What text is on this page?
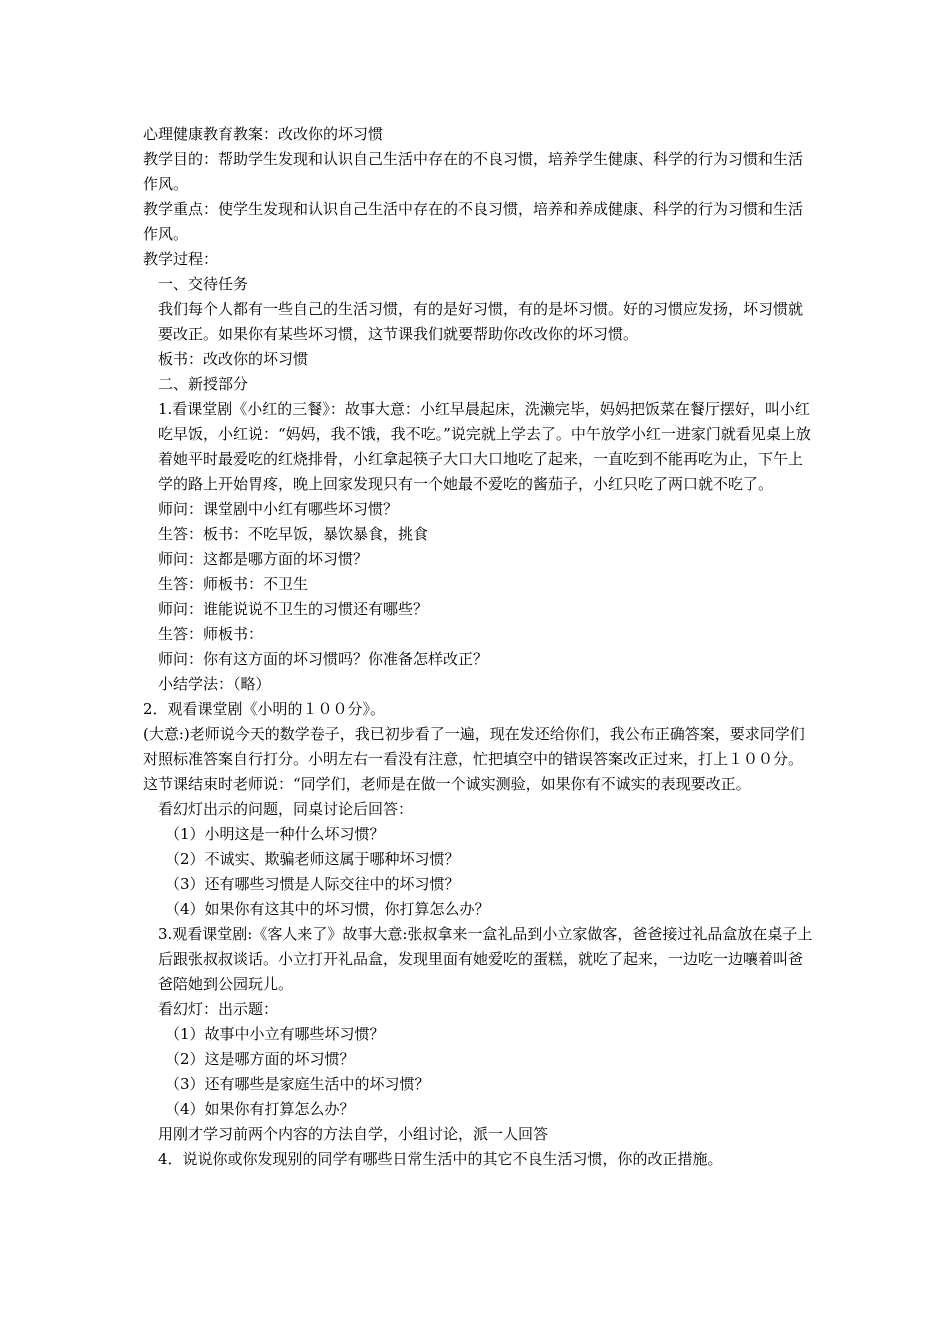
心理健康教育教案：改改你的坏习惯

教学目的：帮助学生发现和认识自己生活中存在的不良习惯，培养学生健康、科学的行为习惯和生活作风。

教学重点：使学生发现和认识自己生活中存在的不良习惯，培养和养成健康、科学的行为习惯和生活作风。

教学过程：

一、交待任务

我们每个人都有一些自己的生活习惯，有的是好习惯，有的是坏习惯。好的习惯应发扬，坏习惯就要改正。如果你有某些坏习惯，这节课我们就要帮助你改改你的坏习惯。

板书：改改你的坏习惯

二、新授部分

1.看课堂剧《小红的三餐》：故事大意：小红早晨起床，洗濑完毕，妈妈把饭菜在餐厅摆好，叫小红吃早饭，小红说：“妈妈，我不饿，我不吃。”说完就上学去了。中午放学小红一进家门就看见桌上放着她平时最爱吃的红烧排骨，小红拿起筷子大口大口地吃了起来，一直吃到不能再吃为止，下午上学的路上开始胃疼，晚上回家发现只有一个她最不爱吃的酱茄子，小红只吃了两口就不吃了。

师问：课堂剧中小红有哪些坏习惯？

生答：板书：不吃早饭，暴饮暴食，挑食

师问：这都是哪方面的坏习惯？

生答：师板书：不卫生

师问：谁能说说不卫生的习惯还有哪些？

生答：师板书：

师问：你有这方面的坏习惯吗？你准备怎样改正？

小结学法：（略）

2．观看课堂剧《小明的１００分》。

(大意:)老师说今天的数学卷子，我已初步看了一遍，现在发还给你们，我公布正确答案，要求同学们对照标准答案自行打分。小明左右一看没有注意，忙把填空中的错误答案改正过来，打上１００分。这节课结束时老师说：“同学们，老师是在做一个诚实测验，如果你有不诚实的表现要改正。

看幻灯出示的问题，同桌讨论后回答：

（1）小明这是一种什么坏习惯？

（2）不诚实、欺骗老师这属于哪种坏习惯？

（3）还有哪些习惯是人际交往中的坏习惯？

（4）如果你有这其中的坏习惯，你打算怎么办？

3.观看课堂剧:《客人来了》故事大意:张叔拿来一盒礼品到小立家做客，爸爸接过礼品盒放在桌子上后跟张叔叔谈话。小立打开礼品盒，发现里面有她爱吃的蛋糕，就吃了起来，一边吃一边嚷着叫爸爸陪她到公园玩儿。

看幻灯：出示题：

（1）故事中小立有哪些坏习惯？

（2）这是哪方面的坏习惯？

（3）还有哪些是家庭生活中的坏习惯？

（4）如果你有打算怎么办？

用刚才学习前两个内容的方法自学，小组讨论，派一人回答

4．说说你或你发现别的同学有哪些日常生活中的其它不良生活习惯，你的改正措施。
